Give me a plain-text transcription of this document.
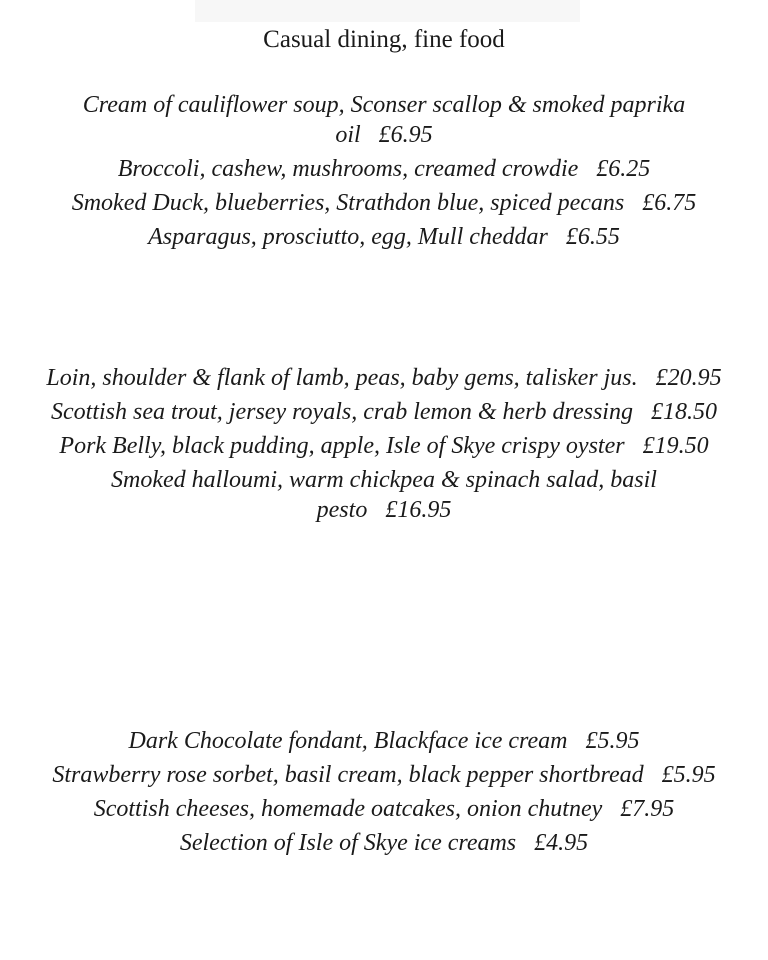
Casual dining, fine food
Cream of cauliflower soup, Sconser scallop & smoked paprika oil £6.95
Broccoli, cashew, mushrooms, creamed crowdie £6.25
Smoked Duck, blueberries, Strathdon blue, spiced pecans £6.75
Asparagus, prosciutto, egg, Mull cheddar £6.55
Loin, shoulder & flank of lamb, peas, baby gems, talisker jus. £20.95
Scottish sea trout, jersey royals, crab lemon & herb dressing £18.50
Pork Belly, black pudding, apple, Isle of Skye crispy oyster £19.50
Smoked halloumi, warm chickpea & spinach salad, basil pesto £16.95
Dark Chocolate fondant, Blackface ice cream £5.95
Strawberry rose sorbet, basil cream, black pepper shortbread £5.95
Scottish cheeses, homemade oatcakes, onion chutney £7.95
Selection of Isle of Skye ice creams £4.95
